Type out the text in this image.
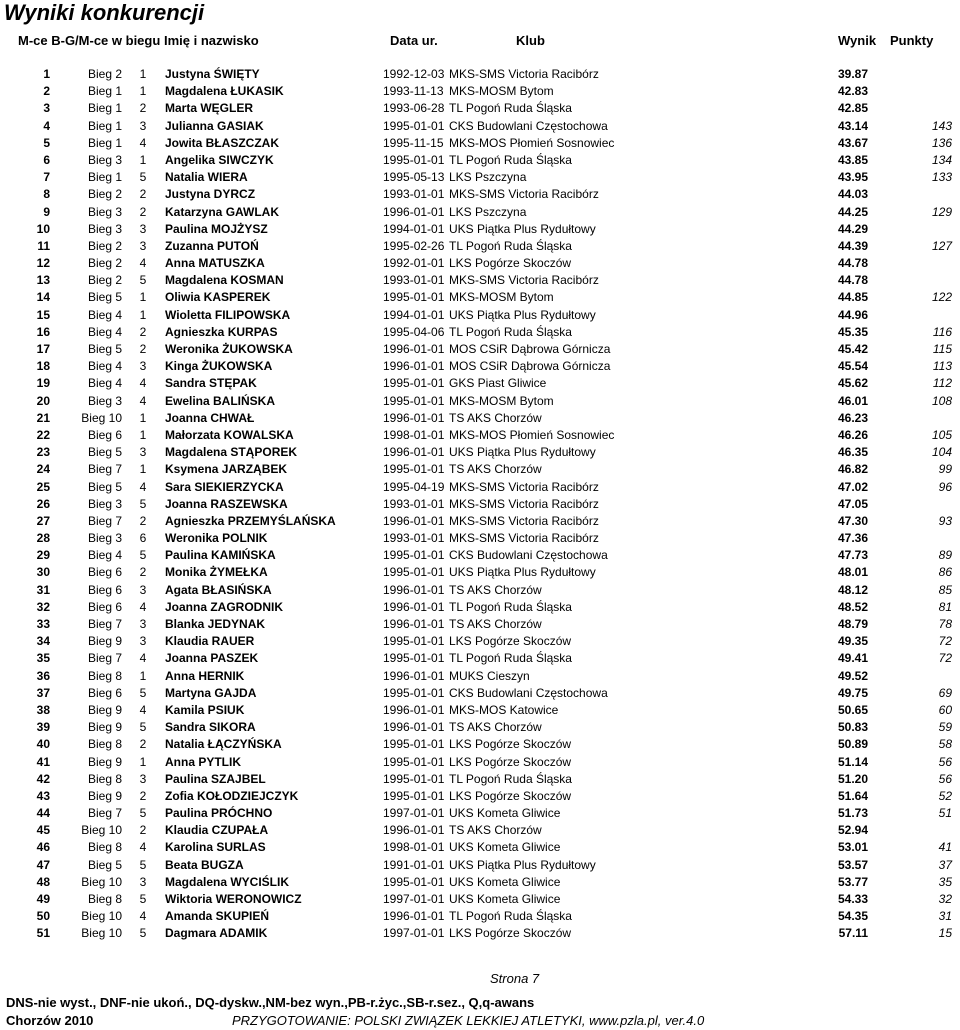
Wyniki konkurencji
M-ce B-G/M-ce w biegu Imię i nazwisko	Data ur.	Klub	Wynik Punkty
1	Bieg 2	1	Justyna ŚWIĘTY	1992-12-03 MKS-SMS Victoria Racibórz	39.87
2	Bieg 1	1	Magdalena ŁUKASIK	1993-11-13 MKS-MOSM Bytom	42.83
3	Bieg 1	2	Marta WĘGLER	1993-06-28 TL Pogoń Ruda Śląska	42.85
4	Bieg 1	3	Julianna GASIAK	1995-01-01 CKS Budowlani Częstochowa	43.14	143
5	Bieg 1	4	Jowita BŁASZCZAK	1995-11-15 MKS-MOS Płomień Sosnowiec	43.67	136
6	Bieg 3	1	Angelika SIWCZYK	1995-01-01 TL Pogoń Ruda Śląska	43.85	134
7	Bieg 1	5	Natalia WIERA	1995-05-13 LKS Pszczyna	43.95	133
8	Bieg 2	2	Justyna DYRCZ	1993-01-01 MKS-SMS Victoria Racibórz	44.03
9	Bieg 3	2	Katarzyna GAWLAK	1996-01-01 LKS Pszczyna	44.25	129
10	Bieg 3	3	Paulina MOJŻYSZ	1994-01-01 UKS Piątka Plus Rydułtowy	44.29
11	Bieg 2	3	Zuzanna PUTOŃ	1995-02-26 TL Pogoń Ruda Śląska	44.39	127
12	Bieg 2	4	Anna MATUSZKA	1992-01-01 LKS Pogórze Skoczów	44.78
13	Bieg 2	5	Magdalena KOSMAN	1993-01-01 MKS-SMS Victoria Racibórz	44.78
14	Bieg 5	1	Oliwia KASPEREK	1995-01-01 MKS-MOSM Bytom	44.85	122
15	Bieg 4	1	Wioletta FILIPOWSKA	1994-01-01 UKS Piątka Plus Rydułtowy	44.96
16	Bieg 4	2	Agnieszka KURPAS	1995-04-06 TL Pogoń Ruda Śląska	45.35	116
17	Bieg 5	2	Weronika ŻUKOWSKA	1996-01-01 MOS CSiR Dąbrowa Górnicza	45.42	115
18	Bieg 4	3	Kinga ŻUKOWSKA	1996-01-01 MOS CSiR Dąbrowa Górnicza	45.54	113
19	Bieg 4	4	Sandra STĘPAK	1995-01-01 GKS Piast Gliwice	45.62	112
20	Bieg 3	4	Ewelina BALIŃSKA	1995-01-01 MKS-MOSM Bytom	46.01	108
21	Bieg 10	1	Joanna CHWAŁ	1996-01-01 TS AKS Chorzów	46.23
22	Bieg 6	1	Małorzata KOWALSKA	1998-01-01 MKS-MOS Płomień Sosnowiec	46.26	105
23	Bieg 5	3	Magdalena STĄPOREK	1996-01-01 UKS Piątka Plus Rydułtowy	46.35	104
24	Bieg 7	1	Ksymena JARZĄBEK	1995-01-01 TS AKS Chorzów	46.82	99
25	Bieg 5	4	Sara SIEKIERZYCKA	1995-04-19 MKS-SMS Victoria Racibórz	47.02	96
26	Bieg 3	5	Joanna RASZEWSKA	1993-01-01 MKS-SMS Victoria Racibórz	47.05
27	Bieg 7	2	Agnieszka PRZEMYŚLAŃSKA	1996-01-01 MKS-SMS Victoria Racibórz	47.30	93
28	Bieg 3	6	Weronika POLNIK	1993-01-01 MKS-SMS Victoria Racibórz	47.36
29	Bieg 4	5	Paulina KAMIŃSKA	1995-01-01 CKS Budowlani Częstochowa	47.73	89
30	Bieg 6	2	Monika ŻYMEŁKA	1995-01-01 UKS Piątka Plus Rydułtowy	48.01	86
31	Bieg 6	3	Agata BŁASIŃSKA	1996-01-01 TS AKS Chorzów	48.12	85
32	Bieg 6	4	Joanna ZAGRODNIK	1996-01-01 TL Pogoń Ruda Śląska	48.52	81
33	Bieg 7	3	Blanka JEDYNAK	1996-01-01 TS AKS Chorzów	48.79	78
34	Bieg 9	3	Klaudia RAUER	1995-01-01 LKS Pogórze Skoczów	49.35	72
35	Bieg 7	4	Joanna PASZEK	1995-01-01 TL Pogoń Ruda Śląska	49.41	72
36	Bieg 8	1	Anna HERNIK	1996-01-01 MUKS Cieszyn	49.52
37	Bieg 6	5	Martyna GAJDA	1995-01-01 CKS Budowlani Częstochowa	49.75	69
38	Bieg 9	4	Kamila PSIUK	1996-01-01 MKS-MOS Katowice	50.65	60
39	Bieg 9	5	Sandra SIKORA	1996-01-01 TS AKS Chorzów	50.83	59
40	Bieg 8	2	Natalia ŁĄCZYŃSKA	1995-01-01 LKS Pogórze Skoczów	50.89	58
41	Bieg 9	1	Anna PYTLIK	1995-01-01 LKS Pogórze Skoczów	51.14	56
42	Bieg 8	3	Paulina SZAJBEL	1995-01-01 TL Pogoń Ruda Śląska	51.20	56
43	Bieg 9	2	Zofia KOŁODZIEJCZYK	1995-01-01 LKS Pogórze Skoczów	51.64	52
44	Bieg 7	5	Paulina PRÓCHNO	1997-01-01 UKS Kometa Gliwice	51.73	51
45	Bieg 10	2	Klaudia CZUPAŁA	1996-01-01 TS AKS Chorzów	52.94
46	Bieg 8	4	Karolina SURLAS	1998-01-01 UKS Kometa Gliwice	53.01	41
47	Bieg 5	5	Beata BUGZA	1991-01-01 UKS Piątka Plus Rydułtowy	53.57	37
48	Bieg 10	3	Magdalena WYCIŚLIK	1995-01-01 UKS Kometa Gliwice	53.77	35
49	Bieg 8	5	Wiktoria WERONOWICZ	1997-01-01 UKS Kometa Gliwice	54.33	32
50	Bieg 10	4	Amanda SKUPIEŃ	1996-01-01 TL Pogoń Ruda Śląska	54.35	31
51	Bieg 10	5	Dagmara ADAMIK	1997-01-01 LKS Pogórze Skoczów	57.11	15
Strona 7
DNS-nie wyst., DNF-nie ukoń., DQ-dyskw.,NM-bez wyn.,PB-r.życ.,SB-r.sez., Q,q-awans
Chorzów 2010	PRZYGOTOWANIE: POLSKI ZWIĄZEK LEKKIEJ ATLETYKI, www.pzla.pl, ver.4.0
